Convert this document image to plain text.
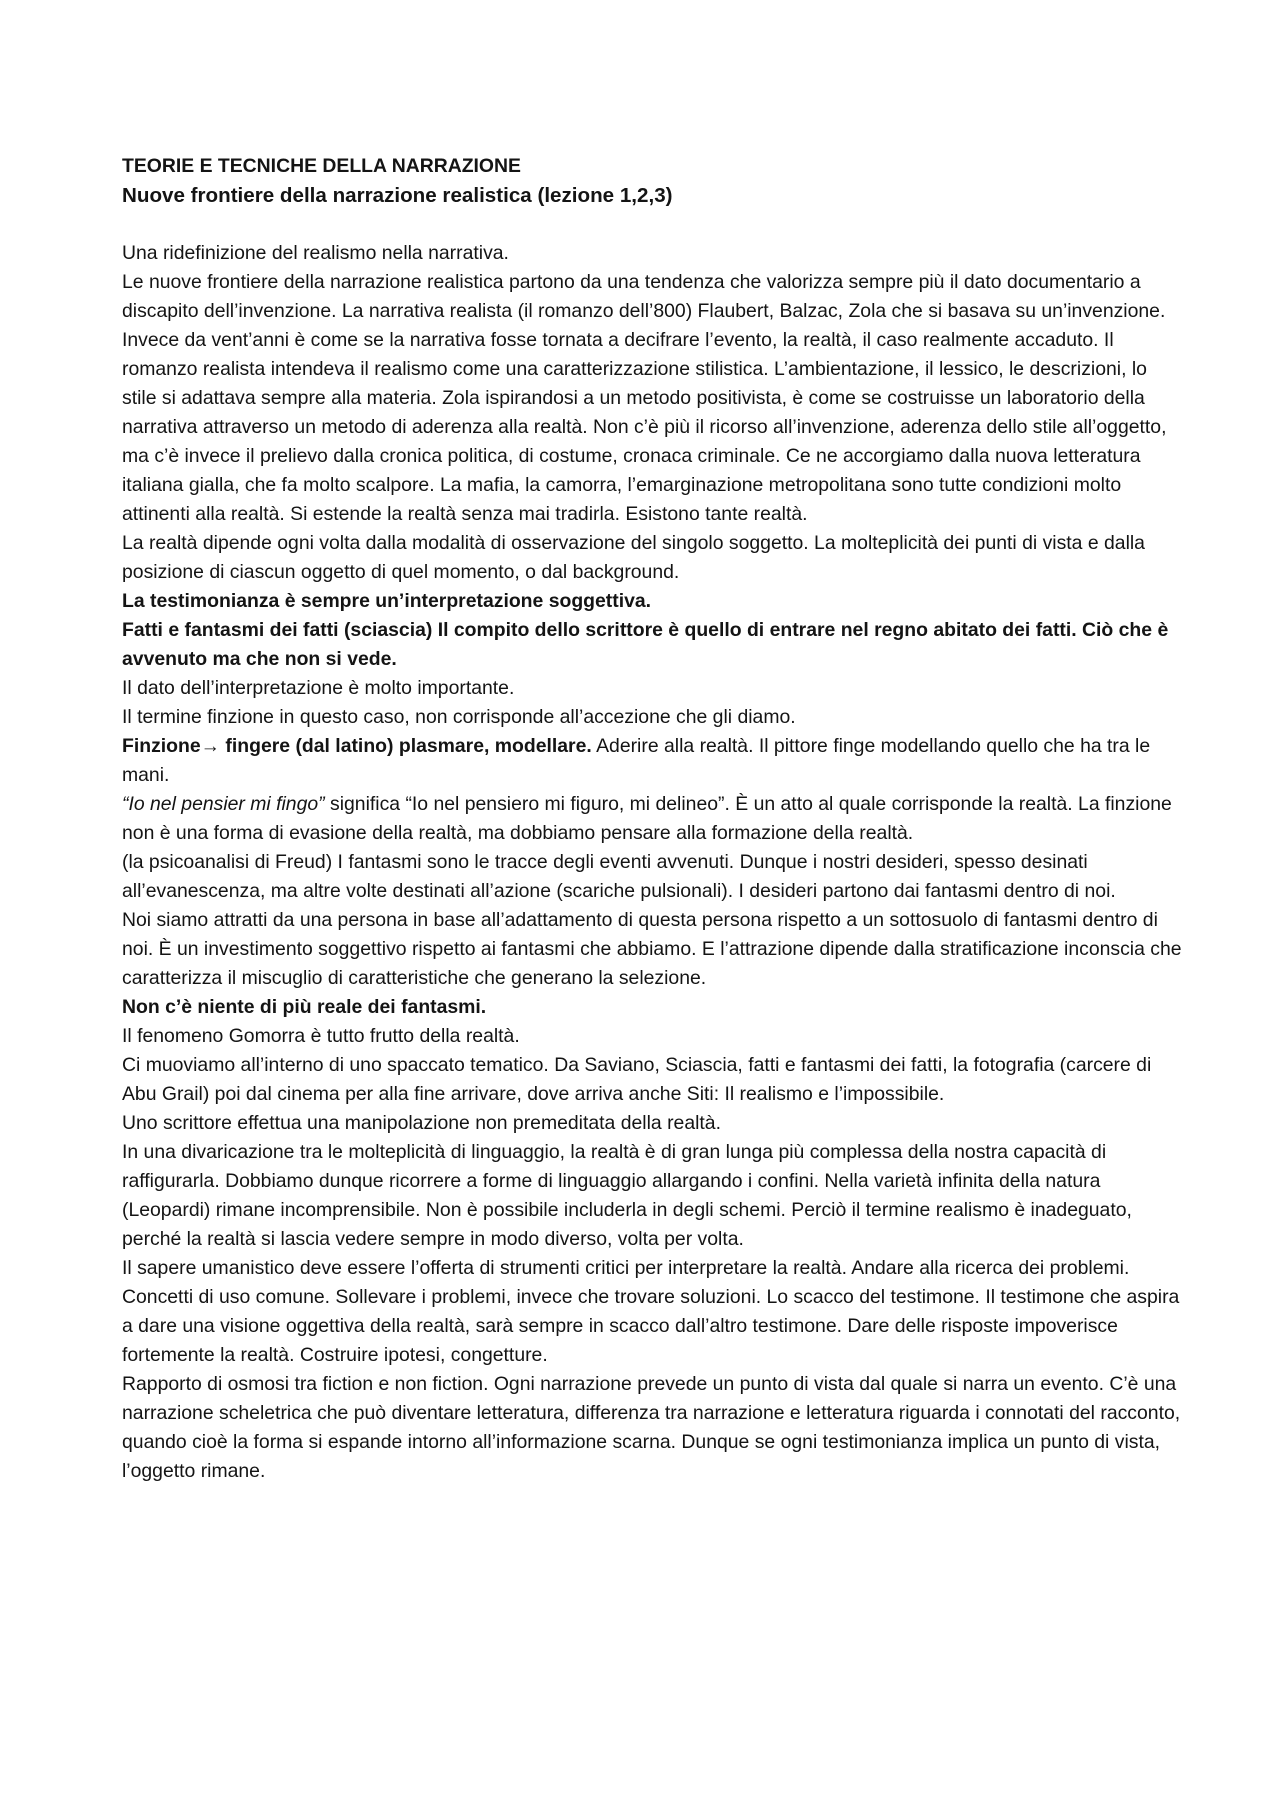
TEORIE E TECNICHE DELLA NARRAZIONE

Nuove frontiere della narrazione realistica (lezione 1,2,3)

Una ridefinizione del realismo nella narrativa.

Le nuove frontiere della narrazione realistica partono da una tendenza che valorizza sempre più il dato documentario a discapito dell’invenzione. La narrativa realista (il romanzo dell’800) Flaubert, Balzac, Zola che si basava su un’invenzione. Invece da vent’anni è come se la narrativa fosse tornata a decifrare l’evento, la realtà, il caso realmente accaduto. Il romanzo realista intendeva il realismo come una caratterizzazione stilistica. L’ambientazione, il lessico, le descrizioni, lo stile si adattava sempre alla materia. Zola ispirandosi a un metodo positivista, è come se costruisse un laboratorio della narrativa attraverso un metodo di aderenza alla realtà. Non c’è più il ricorso all’invenzione, aderenza dello stile all’oggetto, ma c’è invece il prelievo dalla cronica politica, di costume, cronaca criminale. Ce ne accorgiamo dalla nuova letteratura italiana gialla, che fa molto scalpore. La mafia, la camorra, l’emarginazione metropolitana sono tutte condizioni molto attinenti alla realtà. Si estende la realtà senza mai tradirla. Esistono tante realtà.

La realtà dipende ogni volta dalla modalità di osservazione del singolo soggetto. La molteplicità dei punti di vista e dalla posizione di ciascun oggetto di quel momento, o dal background.

La testimonianza è sempre un’interpretazione soggettiva.

Fatti e fantasmi dei fatti (sciascia) Il compito dello scrittore è quello di entrare nel regno abitato dei fatti. Ciò che è avvenuto ma che non si vede.

Il dato dell’interpretazione è molto importante.

Il termine finzione in questo caso, non corrisponde all’accezione che gli diamo.

Finzione→ fingere (dal latino) plasmare, modellare. Aderire alla realtà. Il pittore finge modellando quello che ha tra le mani.

“Io nel pensier mi fingo” significa “Io nel pensiero mi figuro, mi delineo”. È un atto al quale corrisponde la realtà. La finzione non è una forma di evasione della realtà, ma dobbiamo pensare alla formazione della realtà.

(la psicoanalisi di Freud) I fantasmi sono le tracce degli eventi avvenuti. Dunque i nostri desideri, spesso desinati all’evanescenza, ma altre volte destinati all’azione (scariche pulsionali). I desideri partono dai fantasmi dentro di noi.

Noi siamo attratti da una persona in base all’adattamento di questa persona rispetto a un sottosuolo di fantasmi dentro di noi. È un investimento soggettivo rispetto ai fantasmi che abbiamo. E l’attrazione dipende dalla stratificazione inconscia che caratterizza il miscuglio di caratteristiche che generano la selezione.

Non c’è niente di più reale dei fantasmi.

Il fenomeno Gomorra è tutto frutto della realtà.

Ci muoviamo all’interno di uno spaccato tematico. Da Saviano, Sciascia, fatti e fantasmi dei fatti, la fotografia (carcere di Abu Grail) poi dal cinema per alla fine arrivare, dove arriva anche Siti: Il realismo e l’impossibile.

Uno scrittore effettua una manipolazione non premeditata della realtà.

In una divaricazione tra le molteplicità di linguaggio, la realtà è di gran lunga più complessa della nostra capacità di raffigurarla. Dobbiamo dunque ricorrere a forme di linguaggio allargando i confini. Nella varietà infinita della natura (Leopardi) rimane incomprensibile. Non è possibile includerla in degli schemi. Perciò il termine realismo è inadeguato, perché la realtà si lascia vedere sempre in modo diverso, volta per volta.

Il sapere umanistico deve essere l’offerta di strumenti critici per interpretare la realtà. Andare alla ricerca dei problemi. Concetti di uso comune. Sollevare i problemi, invece che trovare soluzioni. Lo scacco del testimone. Il testimone che aspira a dare una visione oggettiva della realtà, sarà sempre in scacco dall’altro testimone. Dare delle risposte impoverisce fortemente la realtà. Costruire ipotesi, congetture.

Rapporto di osmosi tra fiction e non fiction. Ogni narrazione prevede un punto di vista dal quale si narra un evento. C’è una narrazione scheletrica che può diventare letteratura, differenza tra narrazione e letteratura riguarda i connotati del racconto, quando cioè la forma si espande intorno all’informazione scarna. Dunque se ogni testimonianza implica un punto di vista, l’oggetto rimane.
